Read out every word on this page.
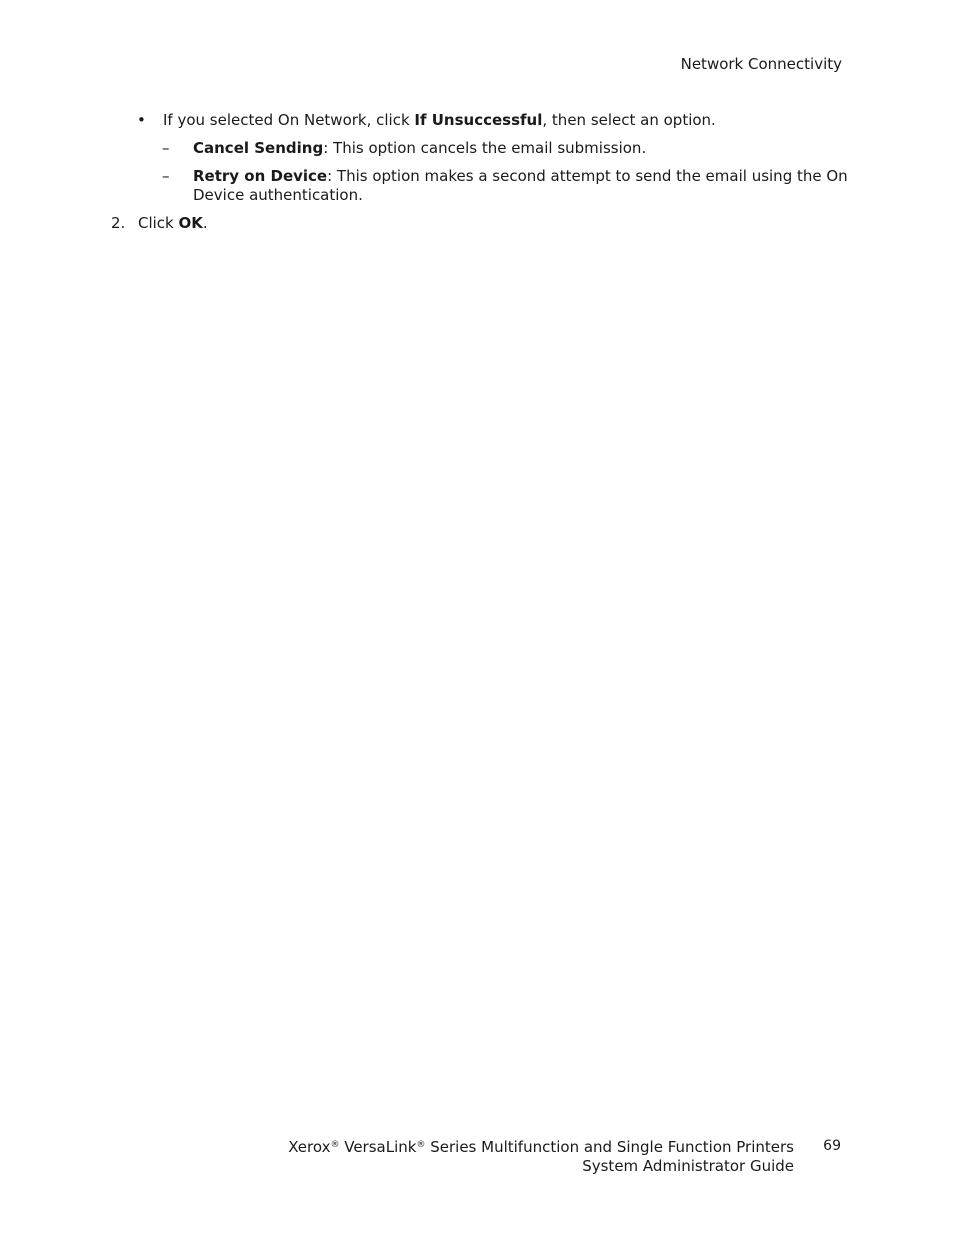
Network Connectivity
• If you selected On Network, click If Unsuccessful, then select an option.
– Cancel Sending: This option cancels the email submission.
– Retry on Device: This option makes a second attempt to send the email using the On
Device authentication.
2. Click OK.
Xerox® VersaLink® Series Multifunction and Single Function Printers
System Administrator Guide
69
